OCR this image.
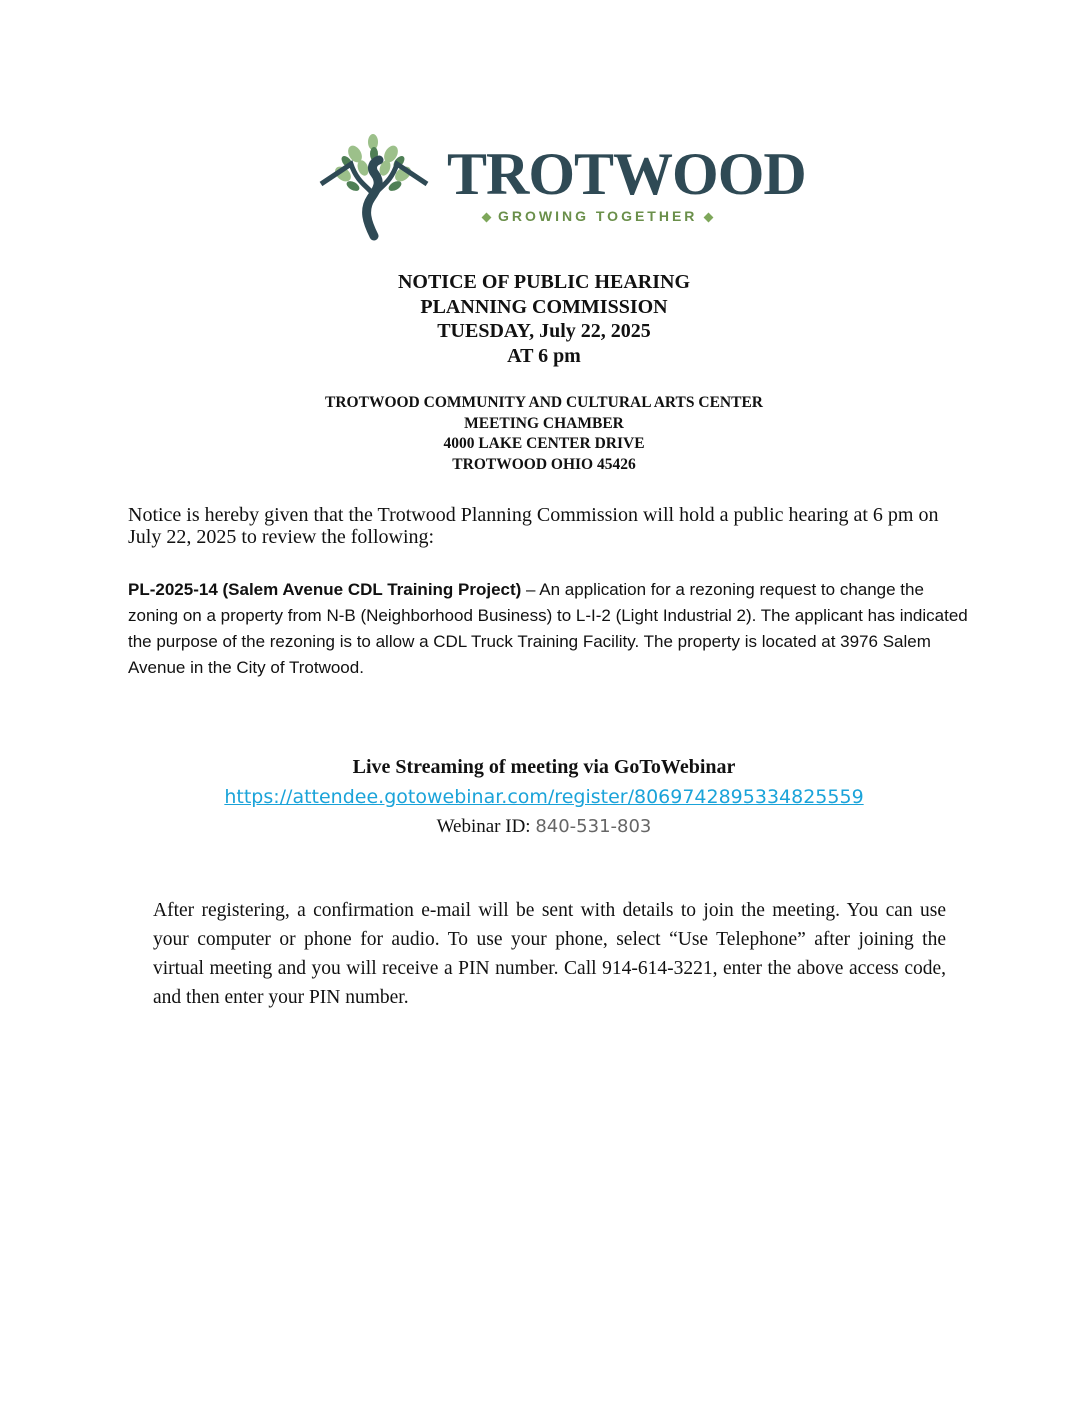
TROTWOOD
GROWING TOGETHER
NOTICE OF PUBLIC HEARING
PLANNING COMMISSION
TUESDAY, July 22, 2025
AT 6 pm
TROTWOOD COMMUNITY AND CULTURAL ARTS CENTER
MEETING CHAMBER
4000 LAKE CENTER DRIVE
TROTWOOD OHIO 45426
Notice is hereby given that the Trotwood Planning Commission will hold a public hearing at 6 pm on July 22, 2025 to review the following:
PL-2025-14 (Salem Avenue CDL Training Project) – An application for a rezoning request to change the zoning on a property from N-B (Neighborhood Business) to L-I-2 (Light Industrial 2). The applicant has indicated the purpose of the rezoning is to allow a CDL Truck Training Facility. The property is located at 3976 Salem Avenue in the City of Trotwood.
Live Streaming of meeting via GoToWebinar
https://attendee.gotowebinar.com/register/8069742895334825559
Webinar ID: 840-531-803
After registering, a confirmation e-mail will be sent with details to join the meeting. You can use your computer or phone for audio. To use your phone, select “Use Telephone” after joining the virtual meeting and you will receive a PIN number. Call 914-614-3221, enter the above access code, and then enter your PIN number.
